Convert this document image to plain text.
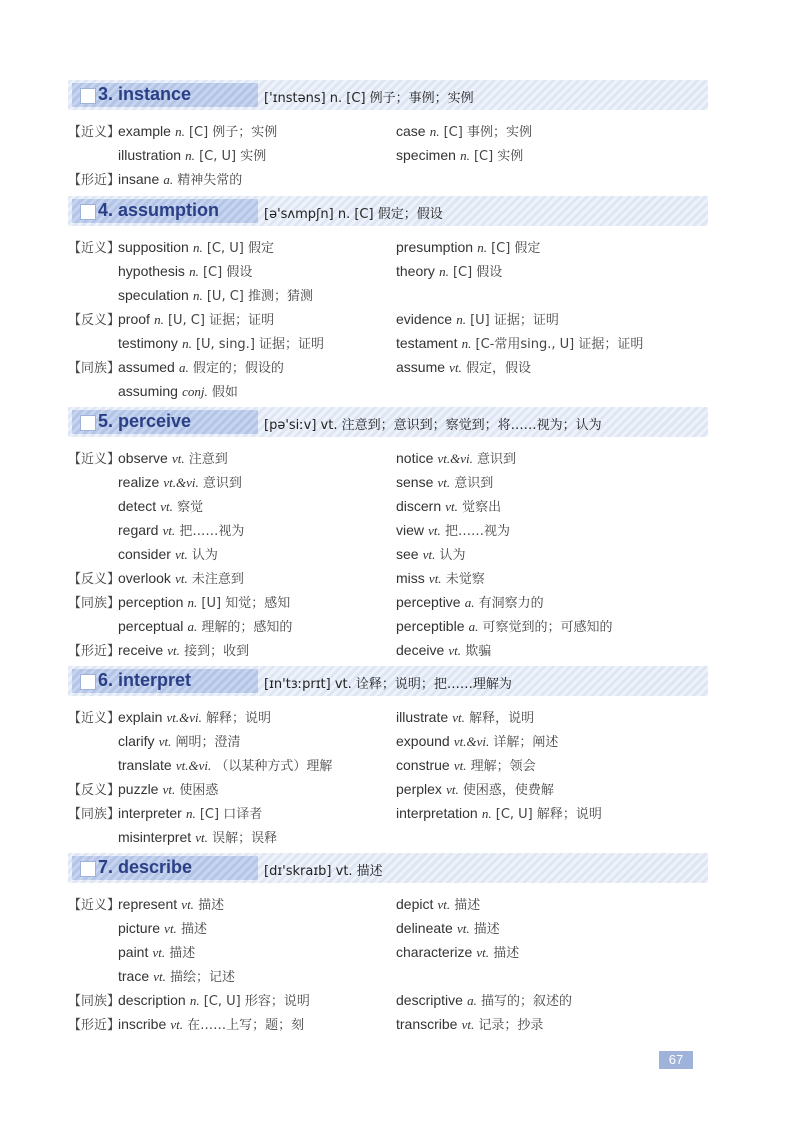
3. instance	['ɪnstəns] n. [C] 例子；事例；实例
【近义】
example n. [C] 例子；实例	case n. [C] 事例；实例
illustration n. [C, U] 实例	specimen n. [C] 实例
【形近】
insane a. 精神失常的
4. assumption	[ə'sʌmpʃn] n. [C] 假定；假设
【近义】
supposition n. [C, U] 假定	presumption n. [C] 假定
hypothesis n. [C] 假设	theory n. [C] 假设
speculation n. [U, C] 推测；猜测
【反义】
proof n. [U, C] 证据；证明	evidence n. [U] 证据；证明
testimony n. [U, sing.] 证据；证明	testament n. [C-常用sing., U] 证据；证明
【同族】
assumed a. 假定的；假设的	assume vt. 假定，假设
assuming conj. 假如
5. perceive	[pə'siːv] vt. 注意到；意识到；察觉到；将……视为；认为
【近义】
observe vt. 注意到	notice vt.&vi. 意识到
realize vt.&vi. 意识到	sense vt. 意识到
detect vt. 察觉	discern vt. 觉察出
regard vt. 把……视为	view vt. 把……视为
consider vt. 认为	see vt. 认为
【反义】
overlook vt. 未注意到	miss vt. 未觉察
【同族】
perception n. [U] 知觉；感知	perceptive a. 有洞察力的
perceptual a. 理解的；感知的	perceptible a. 可察觉到的；可感知的
【形近】
receive vt. 接到；收到	deceive vt. 欺骗
6. interpret	[ɪn'tɜːprɪt] vt. 诠释；说明；把……理解为
【近义】
explain vt.&vi. 解释；说明	illustrate vt. 解释，说明
clarify vt. 阐明；澄清	expound vt.&vi. 详解；阐述
translate vt.&vi. （以某种方式）理解	construe vt. 理解；领会
【反义】
puzzle vt. 使困惑	perplex vt. 使困惑，使费解
【同族】
interpreter n. [C] 口译者	interpretation n. [C, U] 解释；说明
misinterpret vt. 误解；误释
7. describe	[dɪ'skraɪb] vt. 描述
【近义】
represent vt. 描述	depict vt. 描述
picture vt. 描述	delineate vt. 描述
paint vt. 描述	characterize vt. 描述
trace vt. 描绘；记述
【同族】
description n. [C, U] 形容；说明	descriptive a. 描写的；叙述的
【形近】
inscribe vt. 在……上写；题；刻	transcribe vt. 记录；抄录
67
